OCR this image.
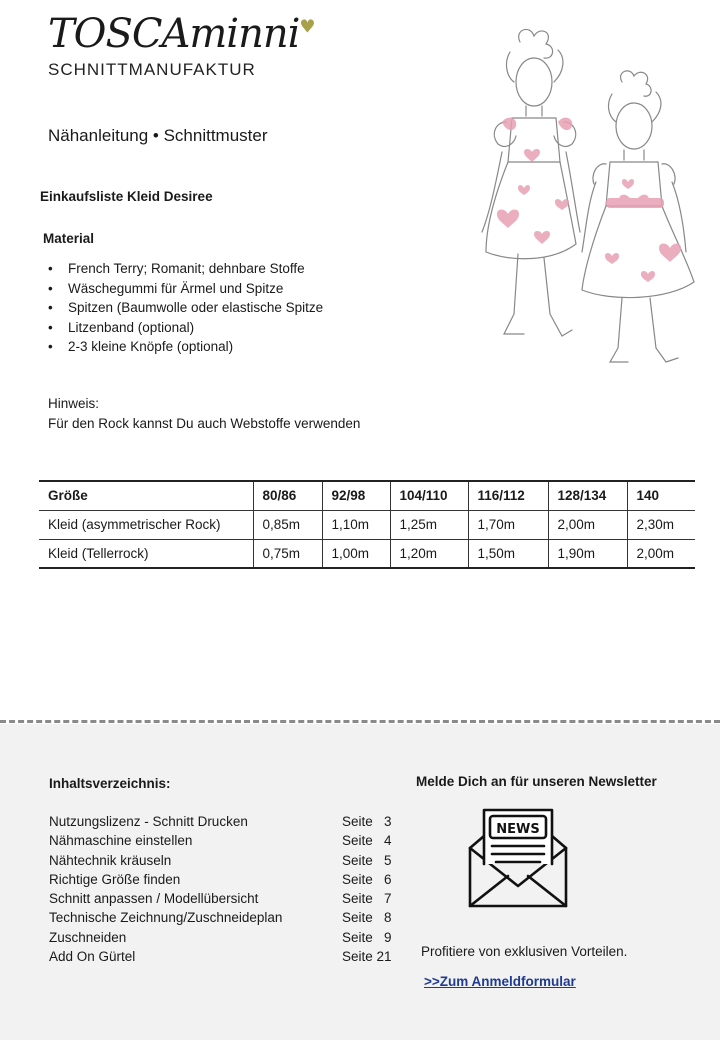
TOSCAminni♥
SCHNITTMANUFAKTUR
Nähanleitung • Schnittmuster
Einkaufsliste Kleid Desiree
Material
• French Terry; Romanit; dehnbare Stoffe
• Wäschegummi für Ärmel und Spitze
• Spitzen (Baumwolle oder elastische Spitze
• Litzenband (optional)
• 2-3 kleine Knöpfe (optional)
Hinweis:
Für den Rock kannst Du auch Webstoffe verwenden
Größe	80/86	92/98	104/110	116/112	128/134	140
Kleid (asymmetrischer Rock)	0,85m	1,10m	1,25m	1,70m	2,00m	2,30m
Kleid (Tellerrock)	0,75m	1,00m	1,20m	1,50m	1,90m	2,00m
Inhaltsverzeichnis:
Nutzungslizenz - Schnitt Drucken	Seite   3
Nähmaschine einstellen	Seite   4
Nähtechnik kräuseln	Seite   5
Richtige Größe finden	Seite   6
Schnitt anpassen / Modellübersicht	Seite   7
Technische Zeichnung/Zuschneideplan	Seite   8
Zuschneiden	Seite   9
Add On Gürtel	Seite 21
Melde Dich an für unseren Newsletter
NEWS
Profitiere von exklusiven Vorteilen.
>>Zum Anmeldformular
